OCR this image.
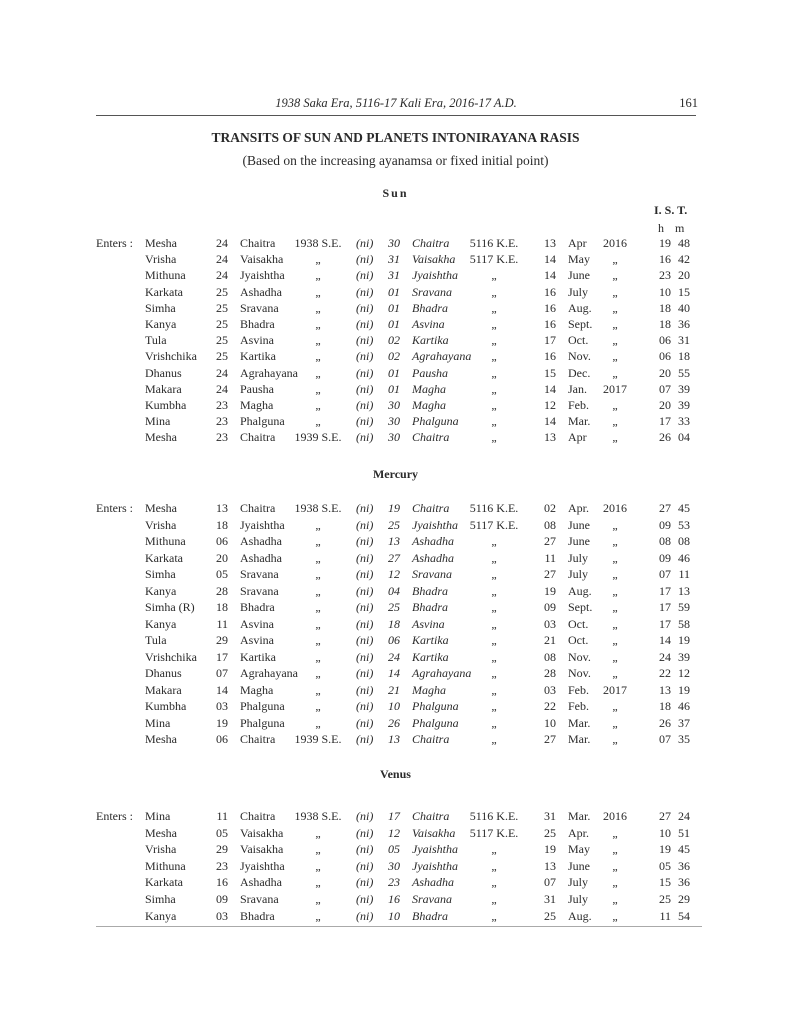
1938 Saka Era, 5116-17 Kali Era, 2016-17 A.D.	161
TRANSITS OF SUN AND PLANETS INTONIRAYANA RASIS
(Based on the increasing ayanamsa or fixed initial point)
Sun
I. S. T.
h m
Enters : Mesha	24 Chaitra	1938 S.E.	(ni)	30 Chaitra	5116 K.E.	13 Apr 2016	19 48
Vrisha	24 Vaisakha	„	(ni)	31 Vaisakha	5117 K.E.	14 May	„	16 42
Mithuna	24 Jyaishtha	„	(ni)	31 Jyaishtha	„	14 June	„	23 20
Karkata	25 Ashadha	„	(ni)	01 Sravana	„	16 July	„	10 15
Simha	25 Sravana	„	(ni)	01 Bhadra	„	16 Aug.	„	18 40
Kanya	25 Bhadra	„	(ni)	01 Asvina	„	16 Sept.	„	18 36
Tula	25 Asvina	„	(ni)	02 Kartika	„	17 Oct.	„	06 31
Vrishchika	25 Kartika	„	(ni)	02 Agrahayana	„	16 Nov.	„	06 18
Dhanus	24 Agrahayana	„	(ni)	01 Pausha	„	15 Dec.	„	20 55
Makara	24 Pausha	„	(ni)	01 Magha	„	14 Jan. 2017	07 39
Kumbha	23 Magha	„	(ni)	30 Magha	„	12 Feb.	„	20 39
Mina	23 Phalguna	„	(ni)	30 Phalguna	„	14 Mar.	„	17 33
Mesha	23 Chaitra	1939 S.E.	(ni)	30 Chaitra	„	13 Apr	„	26 04
Mercury
Enters : Mesha	13 Chaitra	1938 S.E.	(ni)	19 Chaitra	5116 K.E.	02 Apr. 2016	27 45
Vrisha	18 Jyaishtha	„	(ni)	25 Jyaishtha 5117 K.E.	08 June	„	09 53
Mithuna	06 Ashadha	„	(ni)	13 Ashadha	„	27 June	„	08 08
Karkata	20 Ashadha	„	(ni)	27 Ashadha	„	11 July	„	09 46
Simha	05 Sravana	„	(ni)	12 Sravana	„	27 July	„	07 11
Kanya	28 Sravana	„	(ni)	04 Bhadra	„	19 Aug.	„	17 13
Simha (R)	18 Bhadra	„	(ni)	25 Bhadra	„	09 Sept.	„	17 59
Kanya	11 Asvina	„	(ni)	18 Asvina	„	03 Oct.	„	17 58
Tula	29 Asvina	„	(ni)	06 Kartika	„	21 Oct.	„	14 19
Vrishchika	17 Kartika	„	(ni)	24 Kartika	„	08 Nov.	„	24 39
Dhanus	07 Agrahayana	„	(ni)	14 Agrahayana	„	28 Nov.	„	22 12
Makara	14 Magha	„	(ni)	21 Magha	„	03 Feb. 2017	13 19
Kumbha	03 Phalguna	„	(ni)	10 Phalguna	„	22 Feb.	„	18 46
Mina	19 Phalguna	„	(ni)	26 Phalguna	„	10 Mar.	„	26 37
Mesha	06 Chaitra	1939 S.E.	(ni)	13 Chaitra	„	27 Mar.	„	07 35
Venus
Enters : Mina	11 Chaitra	1938 S.E.	(ni)	17 Chaitra	5116 K.E.	31 Mar. 2016	27 24
Mesha	05 Vaisakha	„	(ni)	12 Vaisakha	5117 K.E.	25 Apr.	„	10 51
Vrisha	29 Vaisakha	„	(ni)	05 Jyaishtha	„	19 May	„	19 45
Mithuna	23 Jyaishtha	„	(ni)	30 Jyaishtha	„	13 June	„	05 36
Karkata	16 Ashadha	„	(ni)	23 Ashadha	„	07 July	„	15 36
Simha	09 Sravana	„	(ni)	16 Sravana	„	31 July	„	25 29
Kanya	03 Bhadra	„	(ni)	10 Bhadra	„	25 Aug.	„	11 54
